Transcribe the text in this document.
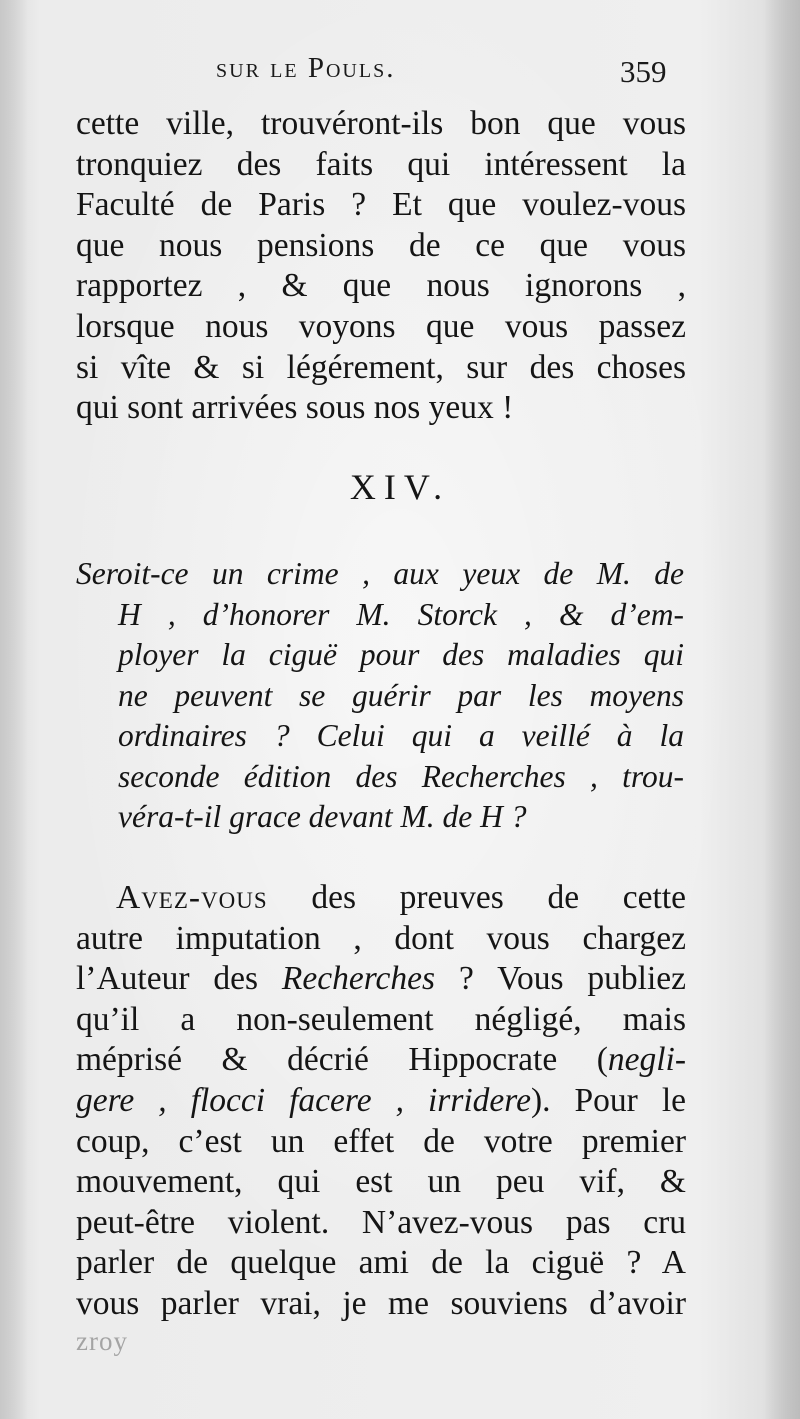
sur le Pouls.	359
cette ville, trouvéront-ils bon que vous
tronquiez des faits qui intéressent la
Faculté de Paris ? Et que voulez-vous
que nous pensions de ce que vous
rapportez , & que nous ignorons ,
lorsque nous voyons que vous passez
si vîte & si légérement, sur des choses
qui sont arrivées sous nos yeux !
XIV.
Seroit-ce un crime , aux yeux de M. de
H , d’honorer M. Storck , & d’em-
ployer la ciguë pour des maladies qui
ne peuvent se guérir par les moyens
ordinaires ? Celui qui a veillé à la
seconde édition des Recherches , trou-
véra-t-il grace devant M. de H ?
Avez-vous des preuves de cette
autre imputation , dont vous chargez
l’Auteur des Recherches ? Vous publiez
qu’il a non-seulement négligé, mais
méprisé & décrié Hippocrate (negli-
gere , flocci facere , irridere). Pour le
coup, c’est un effet de votre premier
mouvement, qui est un peu vif, &
peut-être violent. N’avez-vous pas cru
parler de quelque ami de la ciguë ? A
vous parler vrai, je me souviens d’avoir
zroy
